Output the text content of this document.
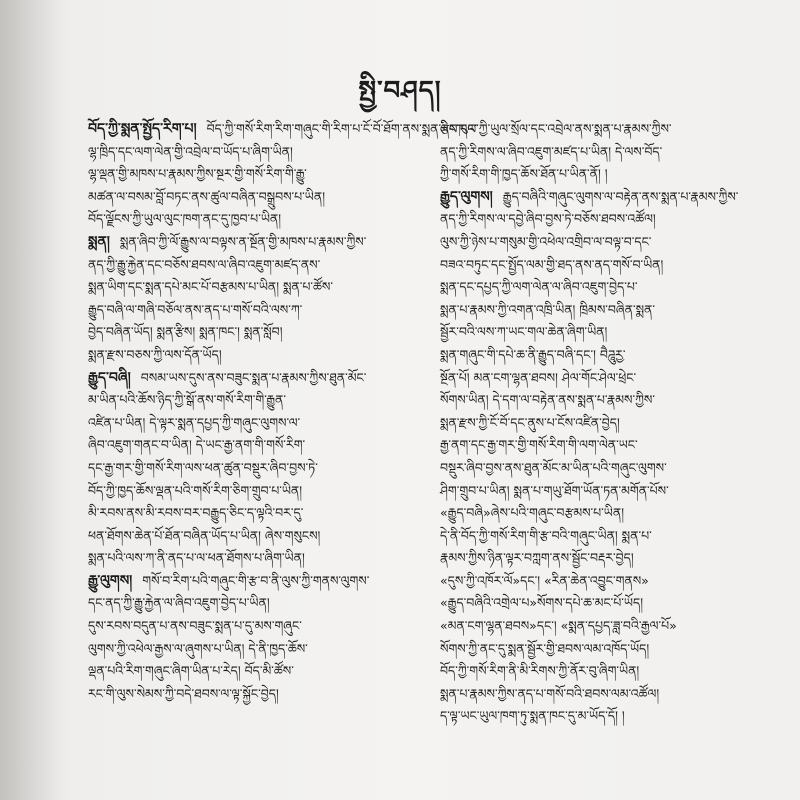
སྤྱི་བཤད།
བོད་ཀྱི་སྨན་སྤྱོད་རིག་པ། བོད་ཀྱི་གསོ་རིག་རིག་གཞུང་གི་རིག་པ་ངོ་བོ་ཐོག་ནས་སྨན་རྩིས་དང་
ལྷ་ཁྲིད་དང་ལག་ལེན་གྱི་འབྲེལ་བ་ཡོད་པ་ཞིག་ཡིན།
ལྷ་ལྡན་གྱི་མཁས་པ་རྣམས་ཀྱིས་སྔར་གྱི་གསོ་རིག་གི་རྒྱུ་
མཚན་ལ་བསམ་བློ་བཏང་ནས་ཚུལ་བཞིན་བསྒྲུབས་པ་ཡིན།
བོད་ལྗོངས་ཀྱི་ཡུལ་ལུང་ཁག་ནང་དུ་ཁྱབ་པ་ཡིན།
སྨན། སྨན་ཞིབ་ཀྱི་ལོ་རྒྱུས་ལ་བལྟས་ན་སྔོན་གྱི་མཁས་པ་རྣམས་ཀྱིས་
ནད་ཀྱི་རྒྱུ་རྐྱེན་དང་བཅོས་ཐབས་ལ་ཞིབ་འཇུག་མཛད་ནས་
སྨན་ཡིག་དང་སྨན་དཔེ་མང་པོ་བརྩམས་པ་ཡིན། སྨན་པ་ཚོས་
རྒྱུད་བཞི་ལ་གཞི་བཅོལ་ནས་ནད་པ་གསོ་བའི་ལས་ཀ་
བྱེད་བཞིན་ཡོད། སྨན་རྩིས། སྨན་ཁང་། སྨན་སློབ།
སྨན་རྫས་བཅས་ཀྱི་ལས་དོན་ཡོད།
རྒྱུད་བཞི། བསམ་ཡས་དུས་ནས་བཟུང་སྨན་པ་རྣམས་ཀྱིས་ཐུན་མོང་
མ་ཡིན་པའི་ཆོས་ཉིད་ཀྱི་སྒོ་ནས་གསོ་རིག་གི་རྒྱུན་
འཛིན་པ་ཡིན། དེ་ལྟར་སྨན་དཔྱད་ཀྱི་གཞུང་ལུགས་ལ་
ཞིབ་འཇུག་གནང་བ་ཡིན། དེ་ཡང་རྒྱ་ནག་གི་གསོ་རིག་
དང་རྒྱ་གར་གྱི་གསོ་རིག་ལས་ཕན་ཚུན་བསྡུར་ཞིབ་བྱས་ཏེ་
བོད་ཀྱི་ཁྱད་ཆོས་ལྡན་པའི་གསོ་རིག་ཅིག་གྲུབ་པ་ཡིན།
མི་རབས་ནས་མི་རབས་བར་བརྒྱུད་ཅིང་ད་ལྟའི་བར་དུ་
ཕན་ཐོགས་ཆེན་པོ་ཐོན་བཞིན་ཡོད་པ་ཡིན། ཞེས་གསུངས།
སྨན་པའི་ལས་ཀ་ནི་ནད་པ་ལ་ཕན་ཐོགས་པ་ཞིག་ཡིན།
རྒྱུ་ལུགས། གསོ་བ་རིག་པའི་གཞུང་གི་རྩ་བ་ནི་ལུས་ཀྱི་གནས་ལུགས་
དང་ནད་ཀྱི་རྒྱུ་རྐྱེན་ལ་ཞིབ་འཇུག་བྱེད་པ་ཡིན།
དུས་རབས་བདུན་པ་ནས་བཟུང་སྨན་པ་དུ་མས་གཞུང་
ལུགས་ཀྱི་འཕེལ་རྒྱས་ལ་ཞུགས་པ་ཡིན། དེ་ནི་ཁྱད་ཆོས་
ལྡན་པའི་རིག་གཞུང་ཞིག་ཡིན་པ་རེད། བོད་མི་ཚོས་
རང་གི་ལུས་སེམས་ཀྱི་བདེ་ཐབས་ལ་ལྟ་སྐྱོང་བྱེད།
ཞིང་ཁུལ་ཀྱི་ཡུལ་སྲོལ་དང་འབྲེལ་ནས་སྨན་པ་རྣམས་ཀྱིས་
ནད་ཀྱི་རིགས་ལ་ཞིབ་འཇུག་མཛད་པ་ཡིན། དེ་ལས་བོད་
ཀྱི་གསོ་རིག་གི་ཁྱད་ཆོས་ཐོན་པ་ཡིན་ནོ། །
རྒྱུད་ལུགས། རྒྱུད་བཞིའི་གཞུང་ལུགས་ལ་བརྟེན་ནས་སྨན་པ་རྣམས་ཀྱིས་
ནད་ཀྱི་རིགས་ལ་དབྱེ་ཞིབ་བྱས་ཏེ་བཅོས་ཐབས་འཚོལ།
ལུས་ཀྱི་ཉེས་པ་གསུམ་གྱི་འཕེལ་འགྲིབ་ལ་བལྟ་བ་དང་
བཟའ་བཏུང་དང་སྤྱོད་ལམ་གྱི་ཐད་ནས་ནད་གསོ་བ་ཡིན།
སྨན་དང་དཔྱད་ཀྱི་ལག་ལེན་ལ་ཞིབ་འཇུག་བྱེད་པ་
སྨན་པ་རྣམས་ཀྱི་འགན་འཁྲི་ཡིན། ཁྲིམས་བཞིན་སྨན་
སྦྱོར་བའི་ལས་ཀ་ཡང་གལ་ཆེན་ཞིག་ཡིན།
སྨན་གཞུང་གི་དཔེ་ཆ་ནི་རྒྱུད་བཞི་དང་། བཻཌཱུརྱ་
སྔོན་པོ། མན་ངག་ལྷན་ཐབས། ཤེལ་གོང་ཤེལ་ཕྲེང་
སོགས་ཡིན། དེ་དག་ལ་བརྟེན་ནས་སྨན་པ་རྣམས་ཀྱིས་
སྨན་རྫས་ཀྱི་ངོ་བོ་དང་ནུས་པ་ངོས་འཛིན་བྱེད།
རྒྱ་ནག་དང་རྒྱ་གར་གྱི་གསོ་རིག་གི་ལག་ལེན་ཡང་
བསྡུར་ཞིབ་བྱས་ནས་ཐུན་མོང་མ་ཡིན་པའི་གཞུང་ལུགས་
ཤིག་གྲུབ་པ་ཡིན། སྨན་པ་གཡུ་ཐོག་ཡོན་ཏན་མགོན་པོས་
«རྒྱུད་བཞི»ཞེས་པའི་གཞུང་བརྩམས་པ་ཡིན།
དེ་ནི་བོད་ཀྱི་གསོ་རིག་གི་རྩ་བའི་གཞུང་ཡིན། སྨན་པ་
རྣམས་ཀྱིས་ཉིན་ལྟར་བཀླག་ནས་སྦྱོང་བརྡར་བྱེད།
«དུས་ཀྱི་འཁོར་ལོ»དང་། «རིན་ཆེན་འབྱུང་གནས»
«རྒྱུད་བཞིའི་འགྲེལ་པ»སོགས་དཔེ་ཆ་མང་པོ་ཡོད།
«མན་ངག་ལྷན་ཐབས»དང་། «སྨན་དཔྱད་ཟླ་བའི་རྒྱལ་པོ»
སོགས་ཀྱི་ནང་དུ་སྨན་སྦྱོར་གྱི་ཐབས་ལམ་འཁོད་ཡོད།
བོད་ཀྱི་གསོ་རིག་ནི་མི་རིགས་ཀྱི་ནོར་བུ་ཞིག་ཡིན།
སྨན་པ་རྣམས་ཀྱིས་ནད་པ་གསོ་བའི་ཐབས་ལམ་འཚོལ།
ད་ལྟ་ཡང་ཡུལ་ཁག་ཏུ་སྨན་ཁང་དུ་མ་ཡོད་དོ། །
